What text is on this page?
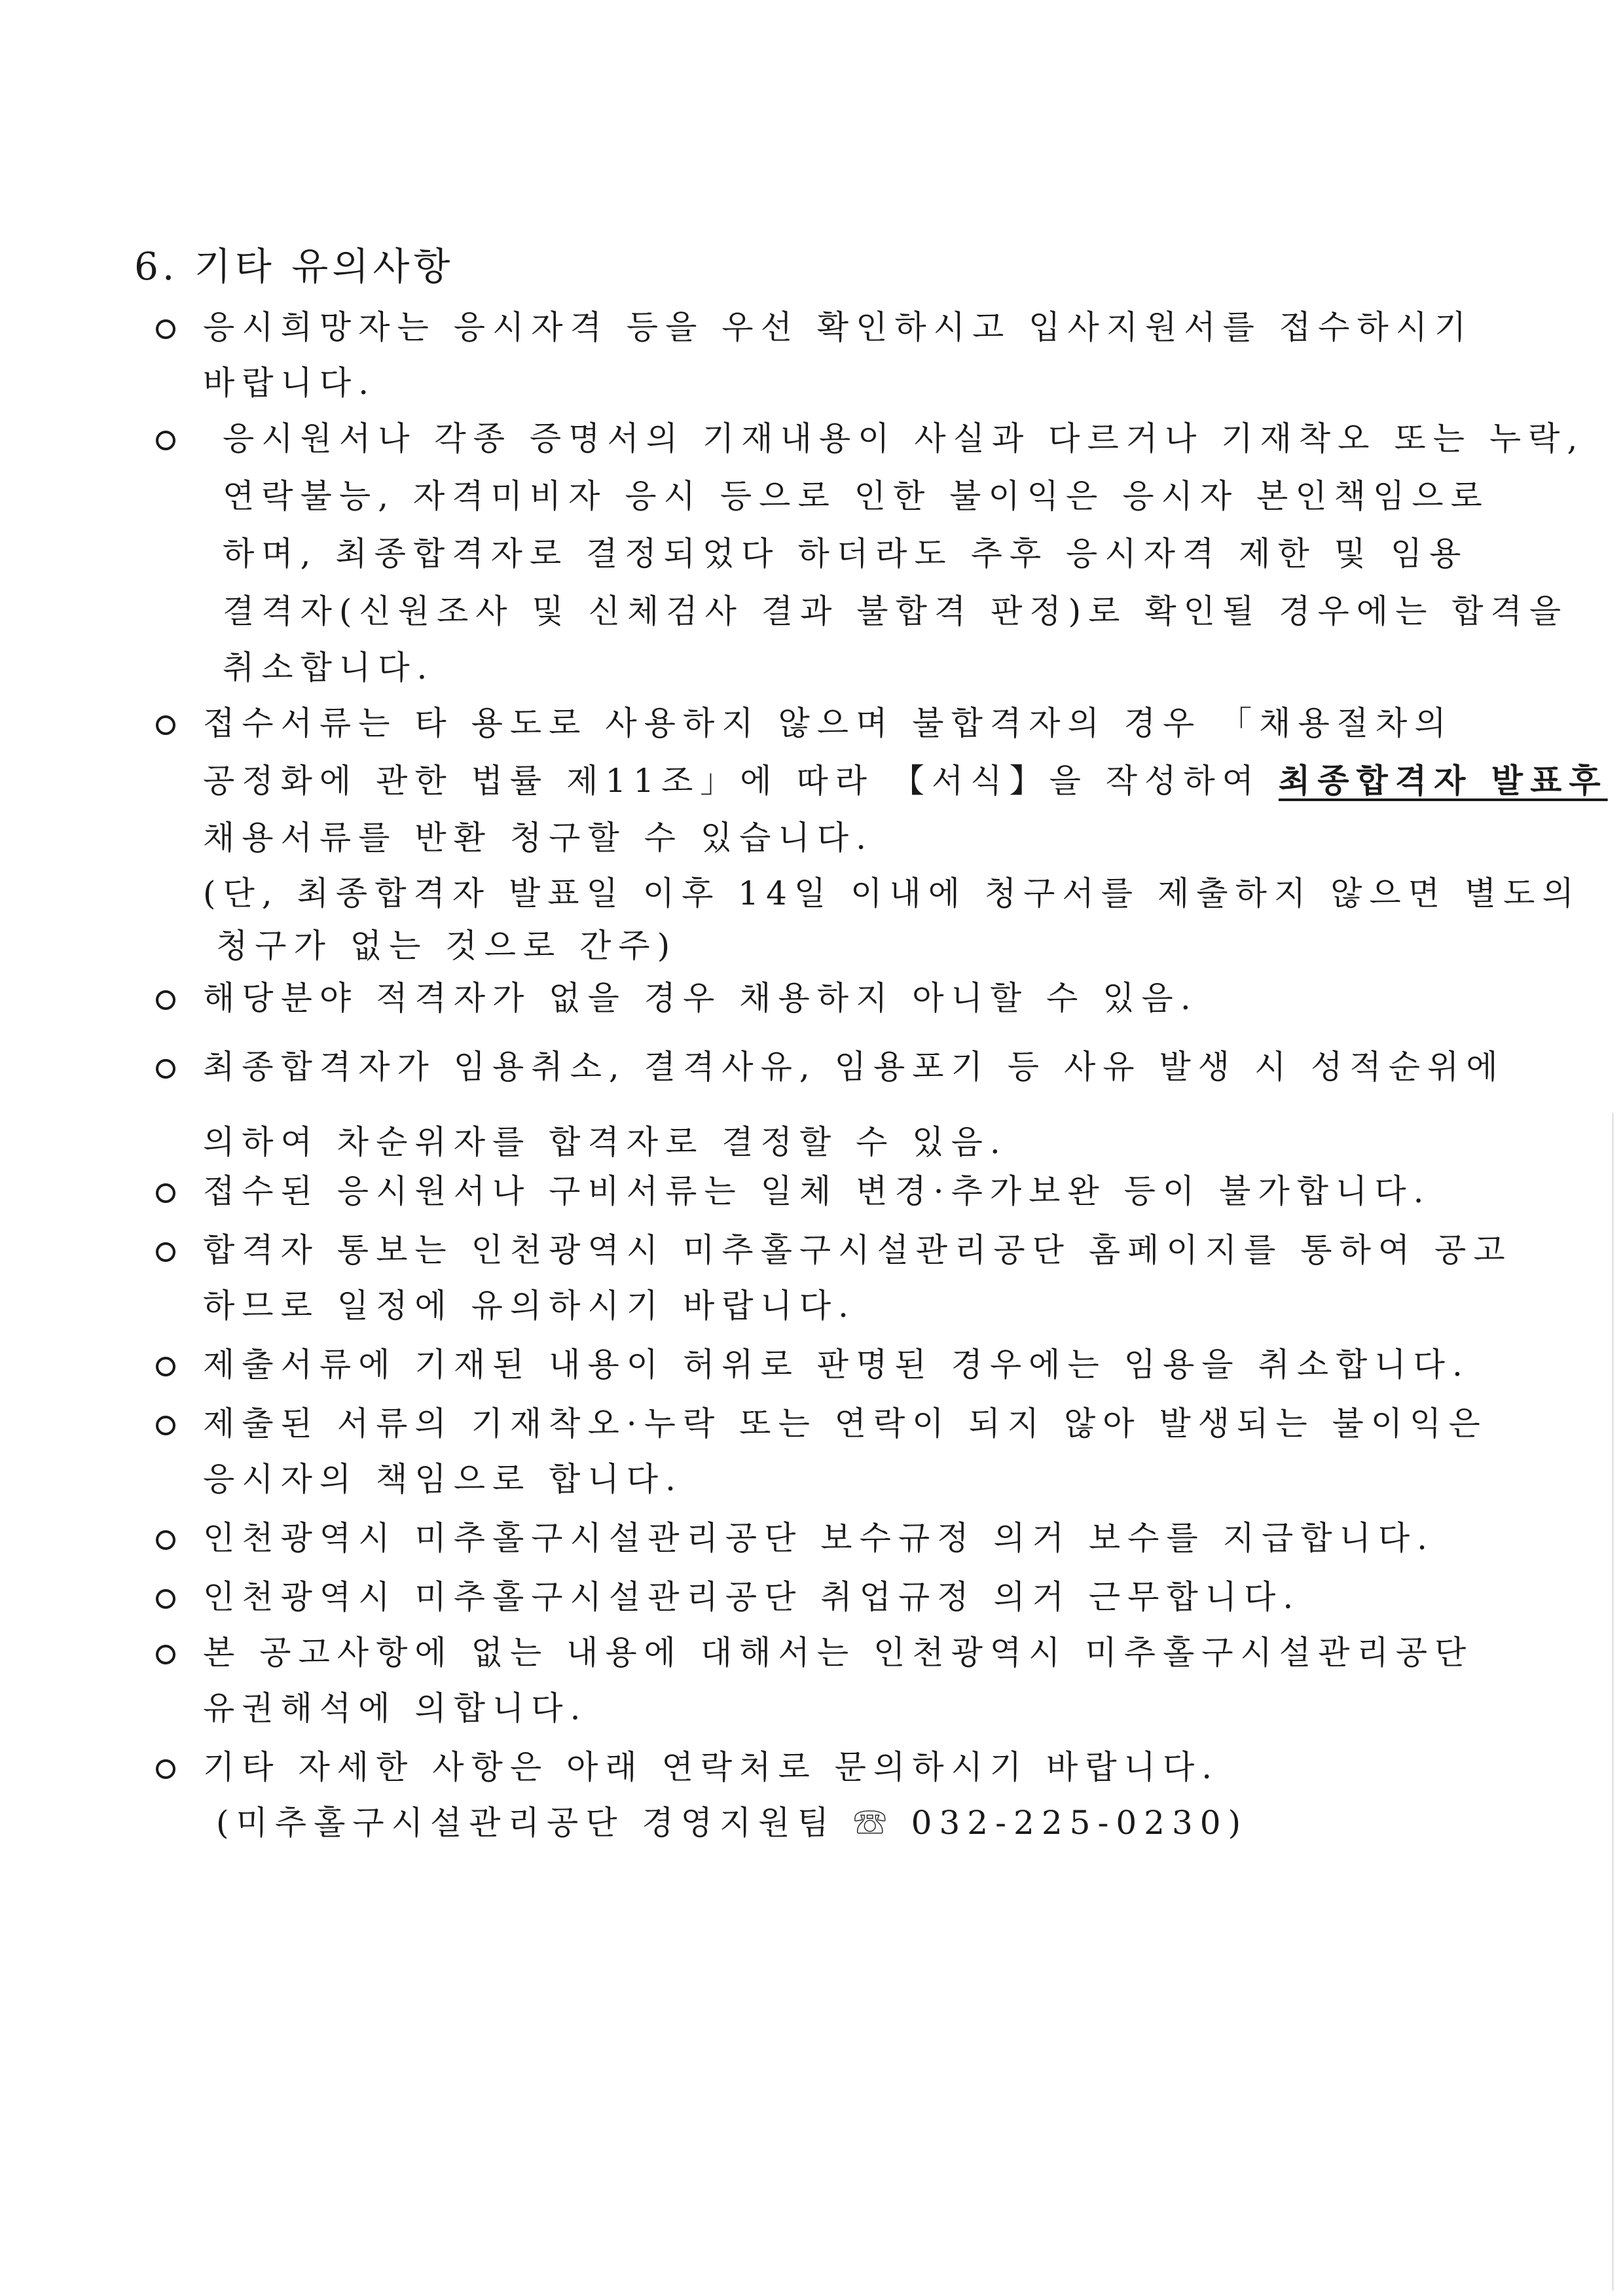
6. 기타 유의사항
응시희망자는 응시자격 등을 우선 확인하시고 입사지원서를 접수하시기
바랍니다.
응시원서나 각종 증명서의 기재내용이 사실과 다르거나 기재착오 또는 누락,
연락불능, 자격미비자 응시 등으로 인한 불이익은 응시자 본인책임으로
하며, 최종합격자로 결정되었다 하더라도 추후 응시자격 제한 및 임용
결격자(신원조사 및 신체검사 결과 불합격 판정)로 확인될 경우에는 합격을
취소합니다.
접수서류는 타 용도로 사용하지 않으며 불합격자의 경우 「채용절차의
공정화에 관한 법률 제11조」에 따라 【서식】을 작성하여 최종합격자 발표후
채용서류를 반환 청구할 수 있습니다.
(단, 최종합격자 발표일 이후 14일 이내에 청구서를 제출하지 않으면 별도의
청구가 없는 것으로 간주)
해당분야 적격자가 없을 경우 채용하지 아니할 수 있음.
최종합격자가 임용취소, 결격사유, 임용포기 등 사유 발생 시 성적순위에
의하여 차순위자를 합격자로 결정할 수 있음.
접수된 응시원서나 구비서류는 일체 변경·추가보완 등이 불가합니다.
합격자 통보는 인천광역시 미추홀구시설관리공단 홈페이지를 통하여 공고
하므로 일정에 유의하시기 바랍니다.
제출서류에 기재된 내용이 허위로 판명된 경우에는 임용을 취소합니다.
제출된 서류의 기재착오·누락 또는 연락이 되지 않아 발생되는 불이익은
응시자의 책임으로 합니다.
인천광역시 미추홀구시설관리공단 보수규정 의거 보수를 지급합니다.
인천광역시 미추홀구시설관리공단 취업규정 의거 근무합니다.
본 공고사항에 없는 내용에 대해서는 인천광역시 미추홀구시설관리공단
유권해석에 의합니다.
기타 자세한 사항은 아래 연락처로 문의하시기 바랍니다.
(미추홀구시설관리공단 경영지원팀 ☏ 032-225-0230)
